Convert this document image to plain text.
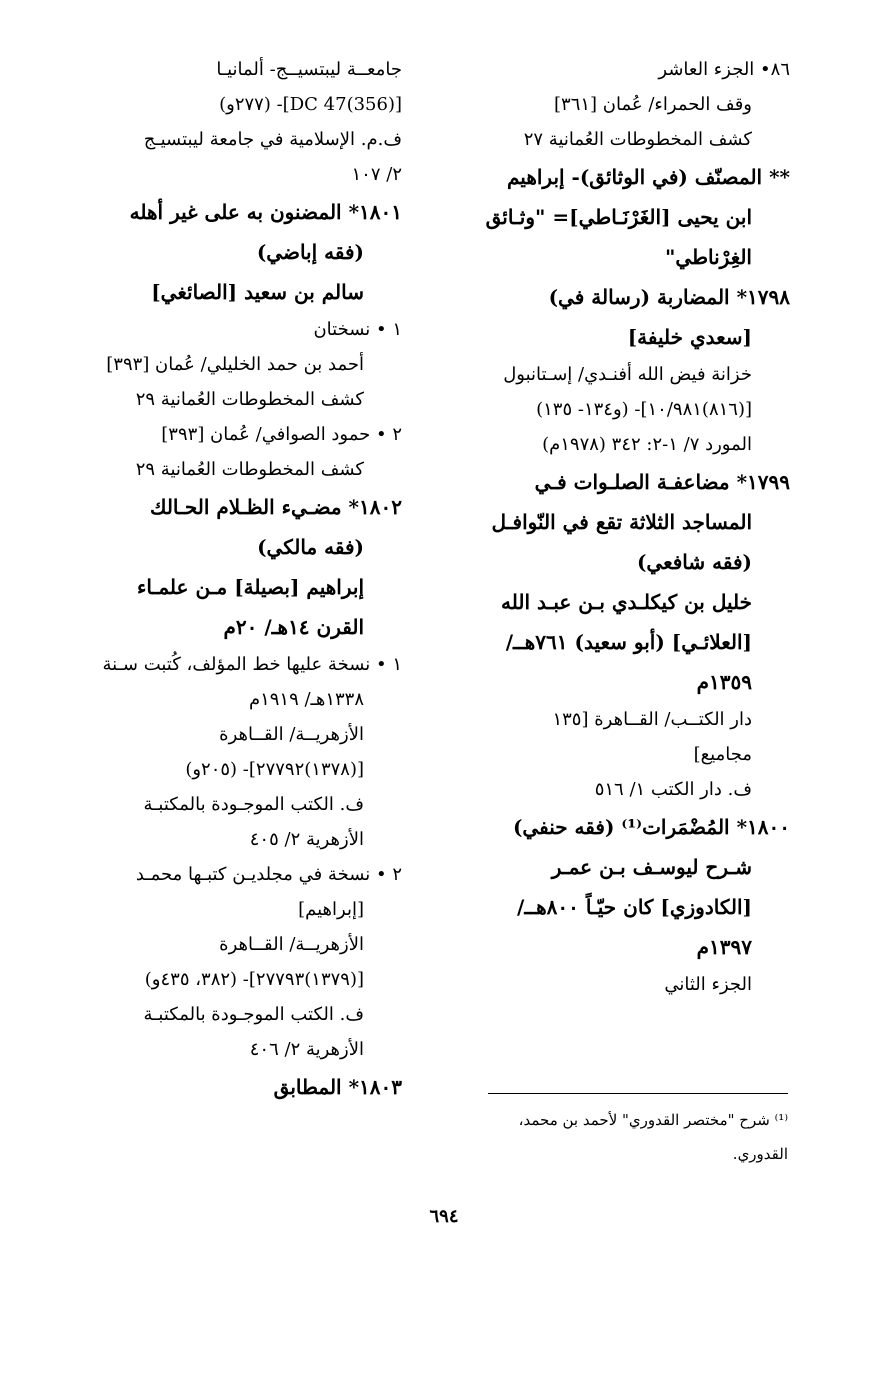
٨٦• الجزء العاشر
وقف الحمراء/ عُمان [٣٦١]
كشف المخطوطات العُمانية ٢٧
** المصنّف (في الوثائق)- إبراهيم
ابن يحيى [الغَرْنَـاطي]= "وثـائق
الغِرْناطي"
١٧٩٨* المضاربة (رسالة في)
[سعدي خليفة]
خزانة فيض الله أفنـدي/ إسـتانبول
[(٨١٦)١٠/٩٨١]- (و١٣٤- ١٣٥)
المورد ٧/ ١-٢: ٣٤٢ (١٩٧٨م)
١٧٩٩* مضاعفـة الصلـوات فـي
المساجد الثلاثة تقع في النّوافـل
(فقه شافعي)
خليل بن كيكلـدي بـن عبـد الله
[العلائـي] (أبو سعيد) ٧٦١هــ/
١٣٥٩م
دار الكتــب/ القــاهرة [١٣٥
مجاميع]
ف. دار الكتب ١/ ٥١٦
١٨٠٠* المُضْمَرات⁽¹⁾ (فقه حنفي)
شـرح ليوسـف بـن عمـر
[الكادوزي] كان حيّـاً ٨٠٠هــ/
١٣٩٧م
الجزء الثاني
جامعــة ليبتسيــج- ألمانيـا
[(356)DC 47]- (٢٧٧و)
ف.م. الإسلامية في جامعة ليبتسيـج
٢/ ١٠٧
١٨٠١* المضنون به على غير أهله
(فقه إباضي)
سالم بن سعيد [الصائغي]
١ • نسختان
أحمد بن حمد الخليلي/ عُمان [٣٩٣]
كشف المخطوطات العُمانية ٢٩
٢ • حمود الصوافي/ عُمان [٣٩٣]
كشف المخطوطات العُمانية ٢٩
١٨٠٢* مضـيء الظـلام الحـالك
(فقه مالكي)
إبراهيم [بصيلة] مـن علمـاء
القرن ١٤هـ/ ٢٠م
١ • نسخة عليها خط المؤلف، كُتبت سـنة
١٣٣٨هـ/ ١٩١٩م
الأزهريــة/ القــاهرة
[(١٣٧٨)٢٧٧٩٢]- (٢٠٥و)
ف. الكتب الموجـودة بالمكتبـة
الأزهرية ٢/ ٤٠٥
٢ • نسخة في مجلديـن كتبـها محمـد
[إبراهيم]
الأزهريــة/ القــاهرة
[(١٣٧٩)٢٧٧٩٣]- (٣٨٢، ٤٣٥و)
ف. الكتب الموجـودة بالمكتبـة
الأزهرية ٢/ ٤٠٦
١٨٠٣* المطابق
⁽¹⁾ شرح "مختصر القدوري" لأحمد بن محمد،
القدوري.
٦٩٤
